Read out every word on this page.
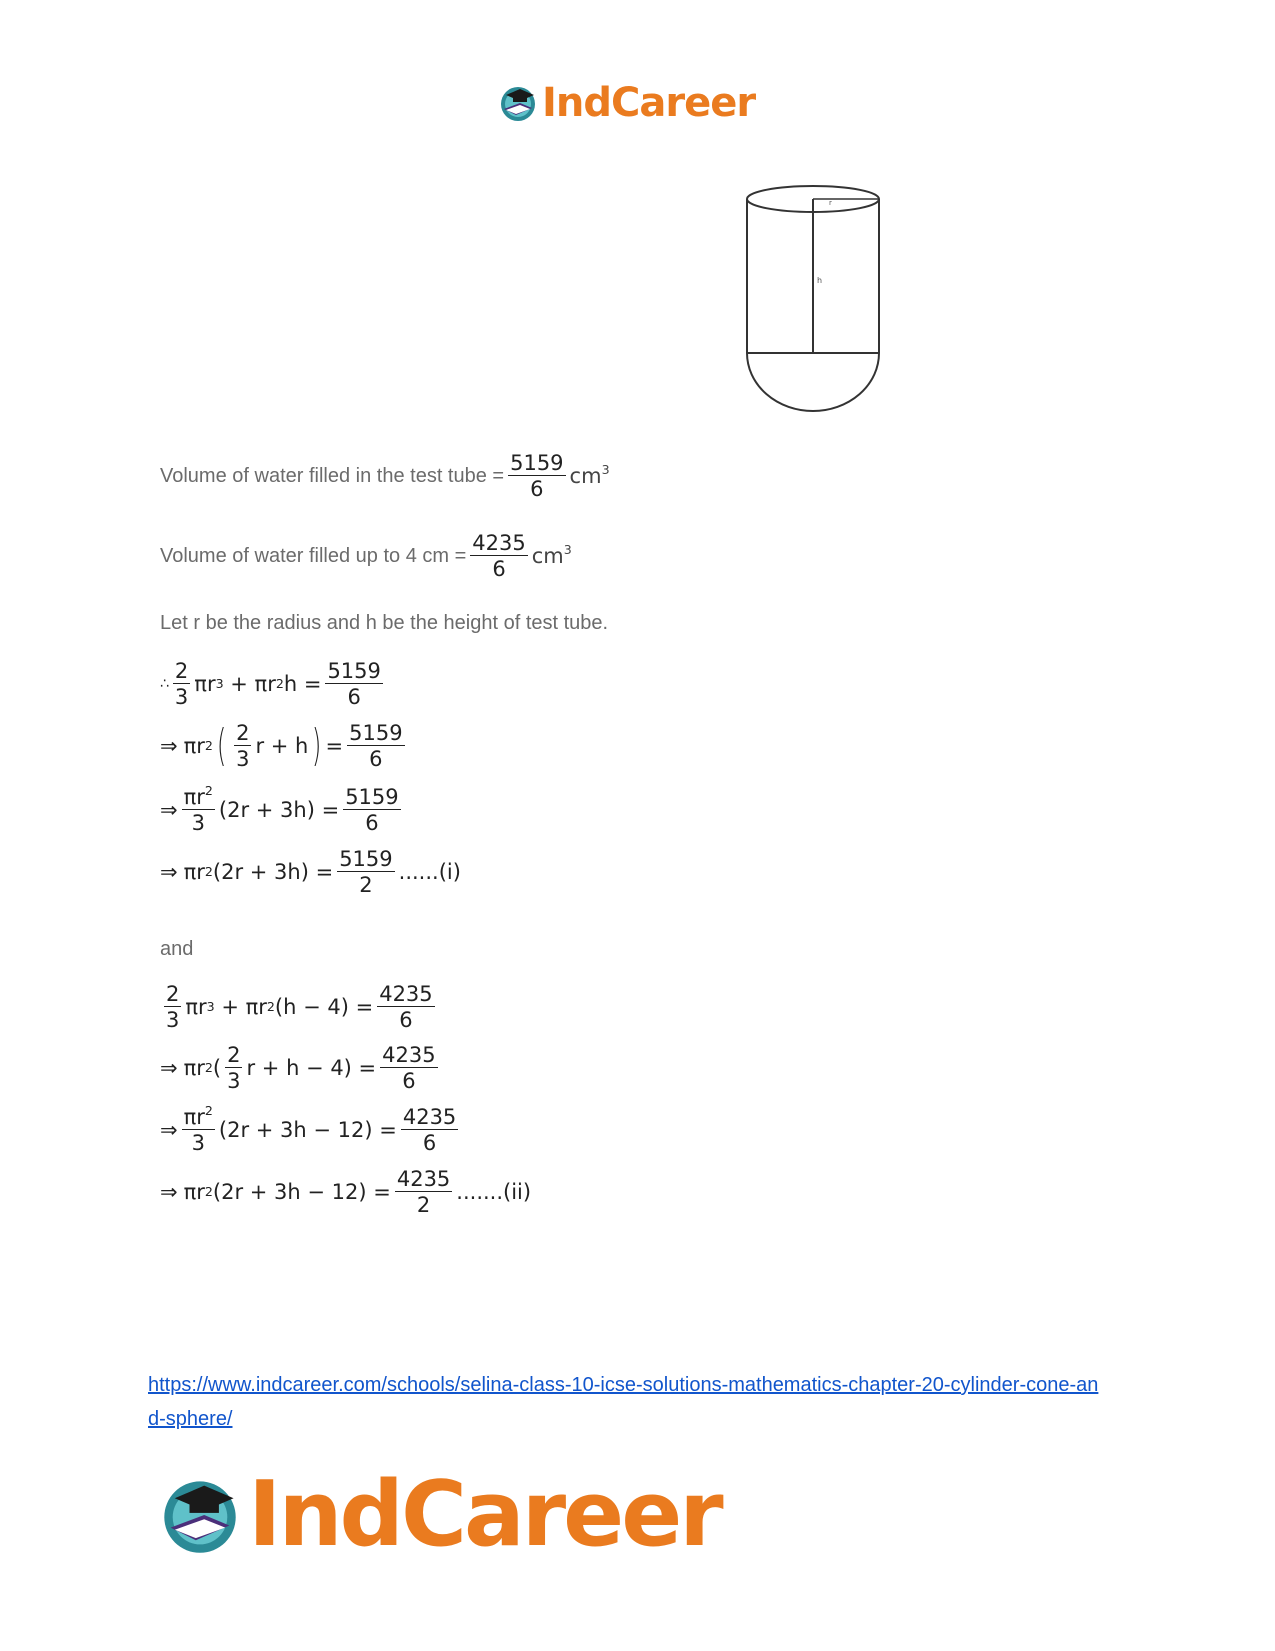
IndCareer
r
h
Volume of water filled in the test tube = $\frac{5159}{6} cm^3$
Volume of water filled up to 4 cm = $\frac{4235}{6} cm^3$
Let r be the radius and h be the height of test tube.
∴ $\frac{2}{3}$ πr 3 + πr 2 $h = \frac{5159}{6}$
⇒ πr 2 ( $\frac{2}{3}$ r + h ) = $\frac{5159}{6}$
⇒ $\frac{\pi r^2}{3} (2r + 3h) = \frac{5159}{6}$
⇒ πr 2 $(2r + 3h) = \frac{5159}{2} ......(i)$
and
$\frac{2}{3}$ πr 3 + πr 2 $(h - 4) = \frac{4235}{6}$
⇒ πr 2 ( $\frac{2}{3}$ $r + h - 4) = \frac{4235}{6}$
⇒ $\frac{\pi r^2}{3} (2r + 3h - 12) = \frac{4235}{6}$
⇒ πr 2 $(2r + 3h - 12) = \frac{4235}{2} .......(ii)$
https://www.indcareer.com/schools/selina-class-10-icse-solutions-mathematics-chapter-20-cylinder-cone-and-sphere/
IndCareer
